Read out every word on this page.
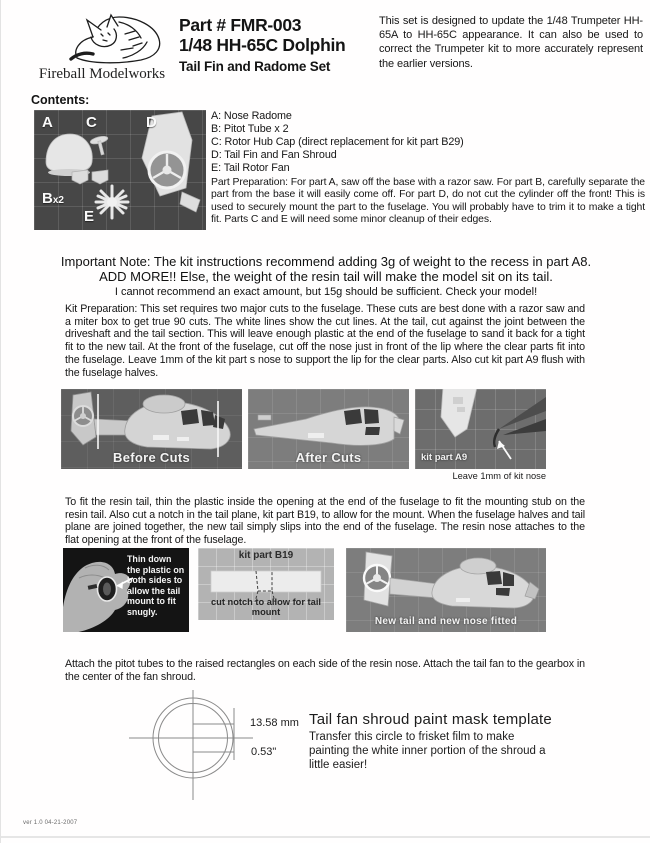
Fireball Modelworks
Part # FMR-003
1/48 HH-65C Dolphin
Tail Fin and Radome Set
This set is designed to update the 1/48 Trumpeter HH-65A to HH-65C appearance. It can also be used to correct the Trumpeter kit to more accurately represent the earlier versions.
Contents:
A C	D
Bx2
E
A: Nose Radome
B: Pitot Tube x 2
C: Rotor Hub Cap (direct replacement for kit part B29)
D: Tail Fin and Fan Shroud
E: Tail Rotor Fan
Part Preparation: For part A, saw off the base with a razor saw. For part B, carefully separate the part from the base it will easily come off. For part D, do not cut the cylinder off the front! This is used to securely mount the part to the fuselage. You will probably have to trim it to make a tight fit. Parts C and E will need some minor cleanup of their edges.
Important Note: The kit instructions recommend adding 3g of weight to the recess in part A8.
ADD MORE!! Else, the weight of the resin tail will make the model sit on its tail.
I cannot recommend an exact amount, but 15g should be sufficient. Check your model!
Kit Preparation: This set requires two major cuts to the fuselage. These cuts are best done with a razor saw and a miter box to get true 90 cuts. The white lines show the cut lines. At the tail, cut against the joint between the driveshaft and the tail section. This will leave enough plastic at the end of the fuselage to sand it back for a tight fit to the new tail. At the front of the fuselage, cut off the nose just in front of the lip where the clear parts fit into the fuselage. Leave 1mm of the kit part s nose to support the lip for the clear parts. Also cut kit part A9 flush with the fuselage halves.
Before Cuts	After Cuts	kit part A9
Leave 1mm of kit nose
To fit the resin tail, thin the plastic inside the opening at the end of the fuselage to fit the mounting stub on the resin tail. Also cut a notch in the tail plane, kit part B19, to allow for the mount. When the fuselage halves and tail plane are joined together, the new tail simply slips into the end of the fuselage. The resin nose attaches to the flat opening at the front of the fuselage.
Thin down the plastic on both sides to allow the tail mount to fit snugly.
kit part B19
cut notch to allow for tail mount
New tail and new nose fitted
Attach the pitot tubes to the raised rectangles on each side of the resin nose. Attach the tail fan to the gearbox in the center of the fan shroud.
13.58 mm
0.53"
Tail fan shroud paint mask template
Transfer this circle to frisket film to make painting the white inner portion of the shroud a little easier!
ver 1.0 04-21-2007
